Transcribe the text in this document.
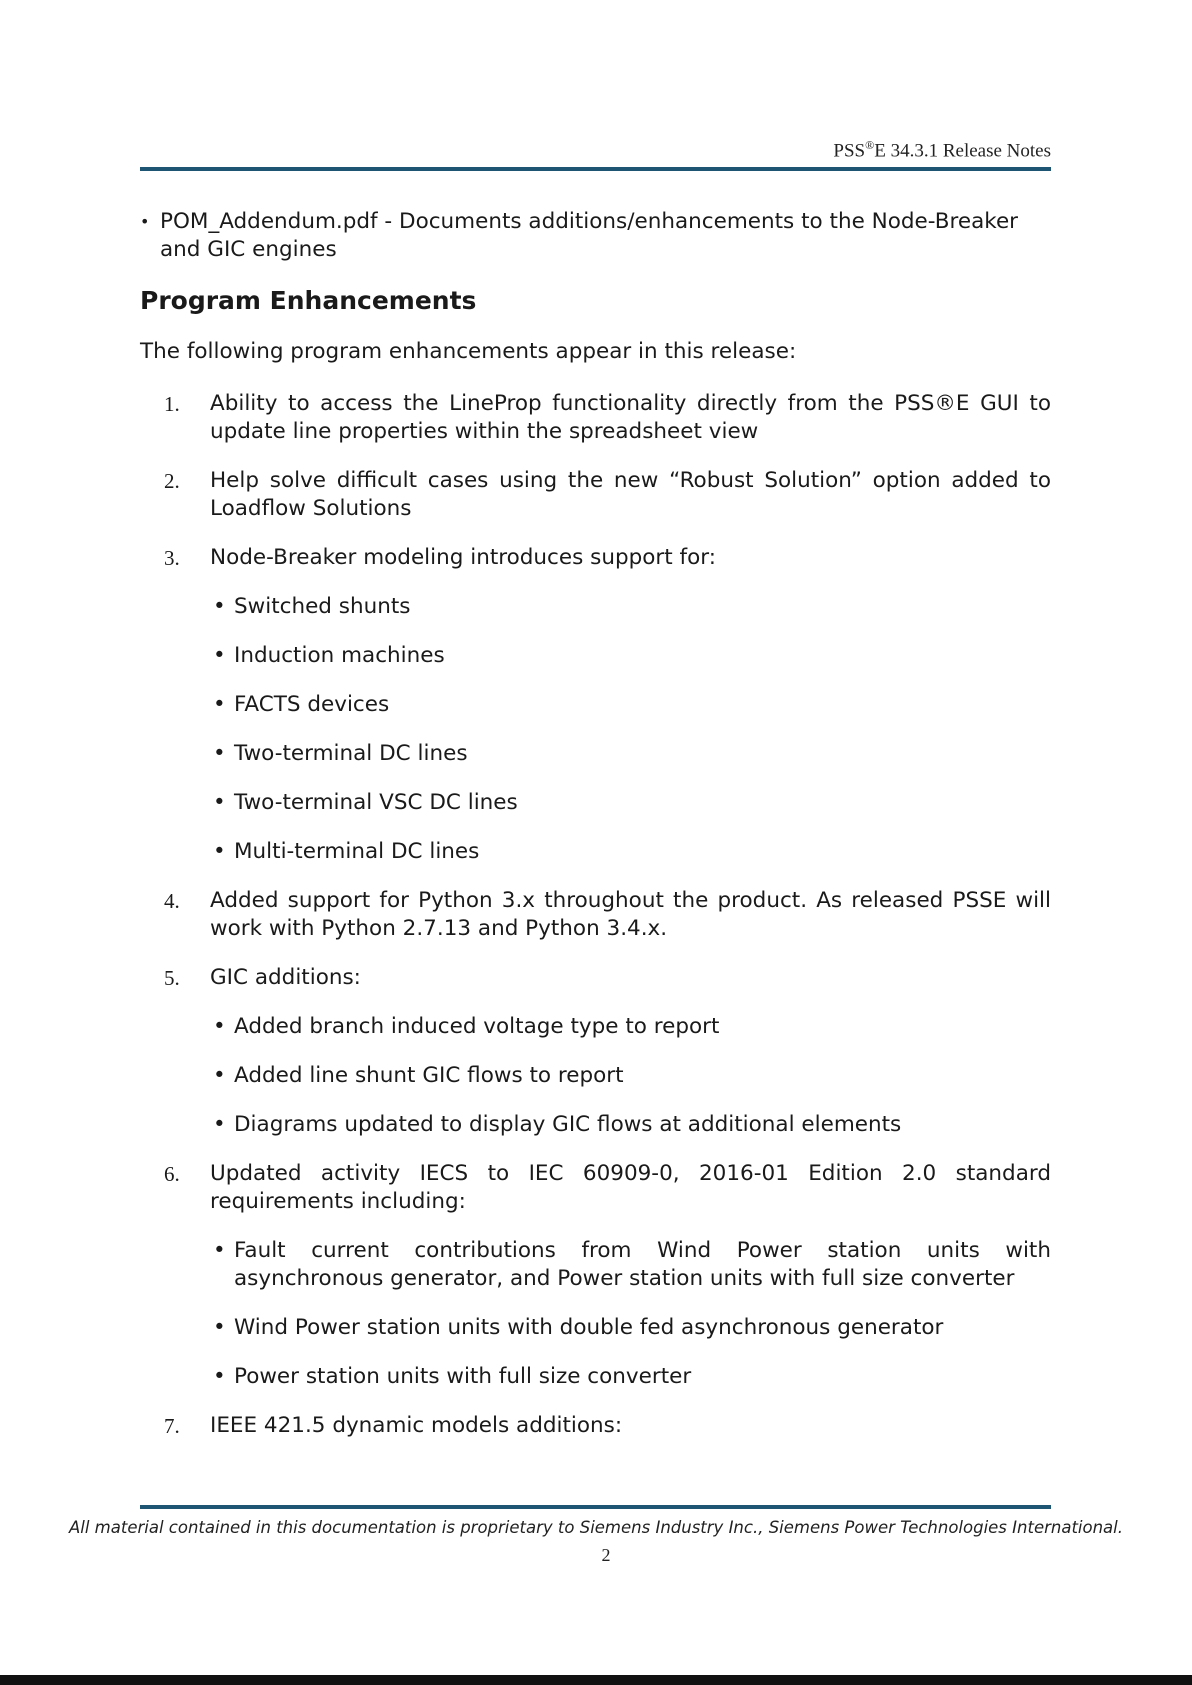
PSS®E 34.3.1 Release Notes

• POM_Addendum.pdf - Documents additions/enhancements to the Node-Breaker and GIC engines

Program Enhancements

The following program enhancements appear in this release:

1. Ability to access the LineProp functionality directly from the PSS®E GUI to update line properties within the spreadsheet view
2. Help solve difficult cases using the new “Robust Solution” option added to Loadflow Solutions
3. Node-Breaker modeling introduces support for:
• Switched shunts
• Induction machines
• FACTS devices
• Two-terminal DC lines
• Two-terminal VSC DC lines
• Multi-terminal DC lines
4. Added support for Python 3.x throughout the product. As released PSSE will work with Python 2.7.13 and Python 3.4.x.
5. GIC additions:
• Added branch induced voltage type to report
• Added line shunt GIC flows to report
• Diagrams updated to display GIC flows at additional elements
6. Updated activity IECS to IEC 60909-0, 2016-01 Edition 2.0 standard requirements including:
• Fault current contributions from Wind Power station units with asynchronous generator, and Power station units with full size converter
• Wind Power station units with double fed asynchronous generator
• Power station units with full size converter
7. IEEE 421.5 dynamic models additions:
All material contained in this documentation is proprietary to Siemens Industry Inc., Siemens Power Technologies International.
2
